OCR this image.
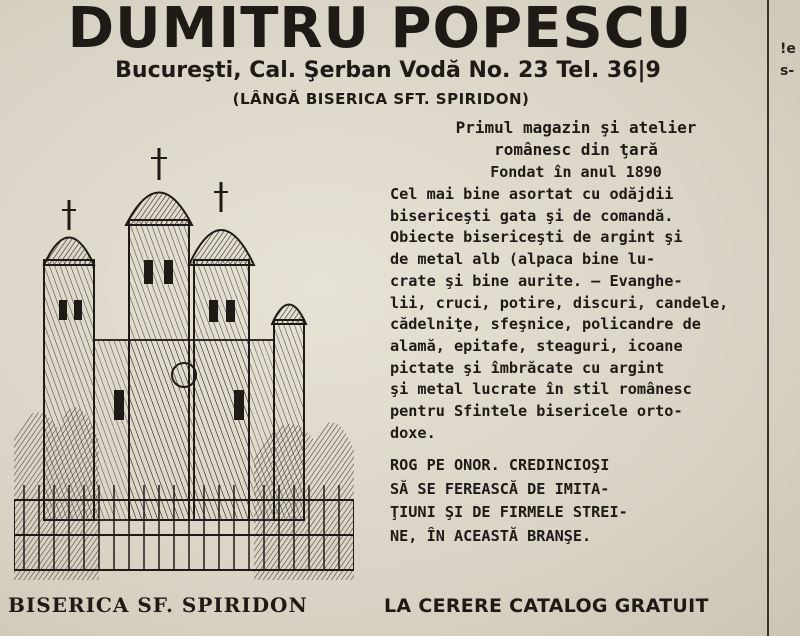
DUMITRU POPESCU
Bucureşti, Cal. Şerban Vodă No. 23 Tel. 36|9
(LÂNGĂ BISERICA SFT. SPIRIDON)
Primul magazin şi atelier
românesc din ţară
Fondat în anul 1890
Cel mai bine asortat cu odăjdii
bisericeşti gata şi de comandă.
Obiecte bisericeşti de argint şi
de metal alb (alpaca bine lu-
crate şi bine aurite. — Evanghe-
lii, cruci, potire, discuri, candele,
cădelniţe, sfeşnice, policandre de
alamă, epitafe, steaguri, icoane
pictate şi îmbrăcate cu argint
şi metal lucrate în stil românesc
pentru Sfintele bisericele orto-
doxe.
ROG PE ONOR. CREDINCIOŞI
SĂ SE FEREASCĂ DE IMITA-
ŢIUNI ŞI DE FIRMELE STREI-
NE, ÎN ACEASTĂ BRANŞE.
BISERICA SF. SPIRIDON	LA CERERE CATALOG GRATUIT
!e
s-
